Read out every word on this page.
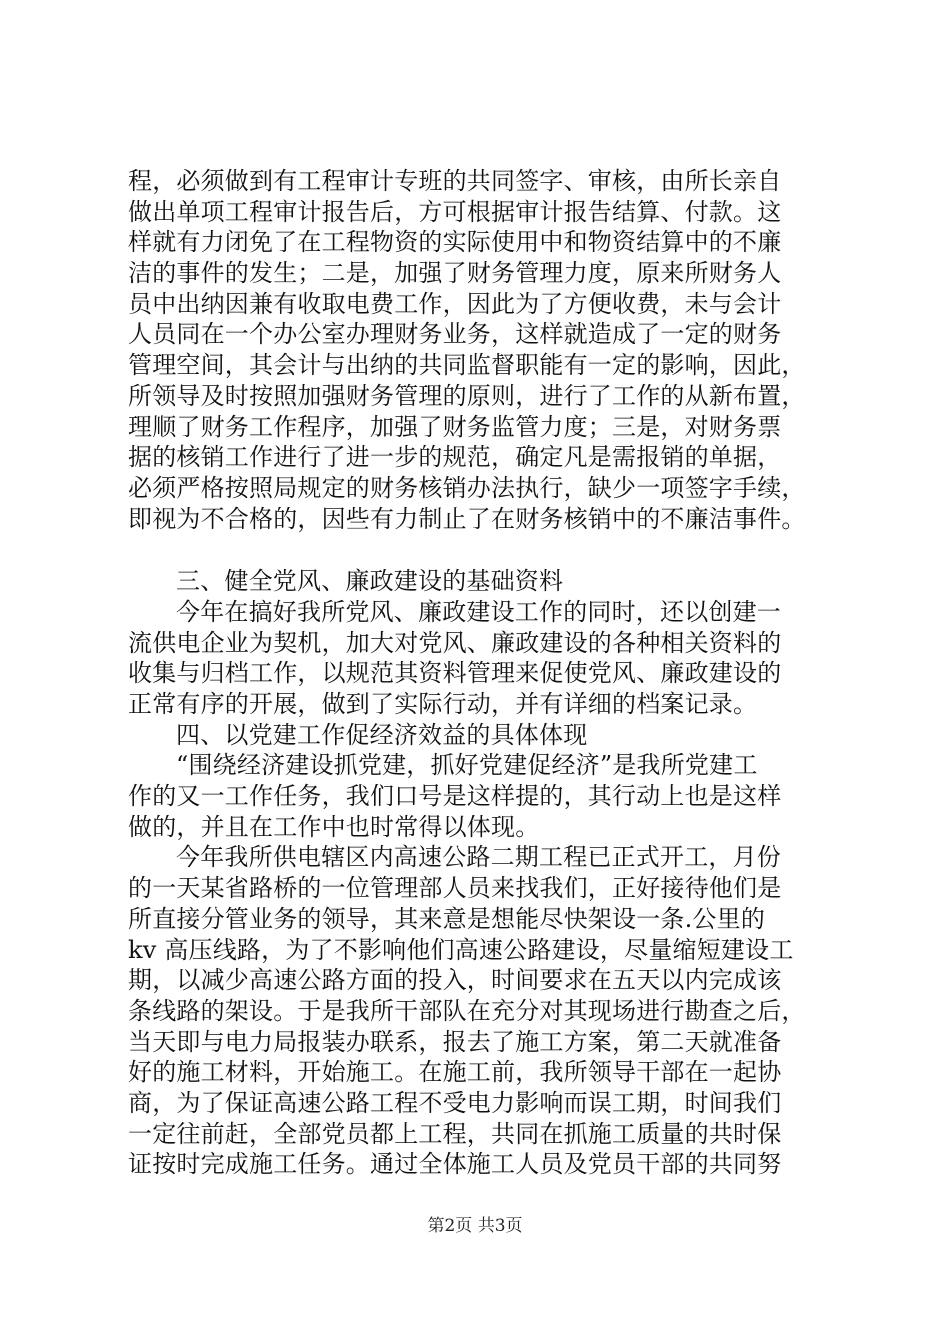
程，必须做到有工程审计专班的共同签字、审核，由所长亲自
做出单项工程审计报告后，方可根据审计报告结算、付款。这
样就有力闭免了在工程物资的实际使用中和物资结算中的不廉
洁的事件的发生；二是，加强了财务管理力度，原来所财务人
员中出纳因兼有收取电费工作，因此为了方便收费，未与会计
人员同在一个办公室办理财务业务，这样就造成了一定的财务
管理空间，其会计与出纳的共同监督职能有一定的影响，因此，
所领导及时按照加强财务管理的原则，进行了工作的从新布置，
理顺了财务工作程序，加强了财务监管力度；三是，对财务票
据的核销工作进行了进一步的规范，确定凡是需报销的单据，
必须严格按照局规定的财务核销办法执行，缺少一项签字手续，
即视为不合格的，因些有力制止了在财务核销中的不廉洁事件。
三、健全党风、廉政建设的基础资料
今年在搞好我所党风、廉政建设工作的同时，还以创建一
流供电企业为契机，加大对党风、廉政建设的各种相关资料的
收集与归档工作，以规范其资料管理来促使党风、廉政建设的
正常有序的开展，做到了实际行动，并有详细的档案记录。
四、以党建工作促经济效益的具体体现
“围绕经济建设抓党建，抓好党建促经济”是我所党建工
作的又一工作任务，我们口号是这样提的，其行动上也是这样
做的，并且在工作中也时常得以体现。
今年我所供电辖区内高速公路二期工程已正式开工，月份
的一天某省路桥的一位管理部人员来找我们，正好接待他们是
所直接分管业务的领导，其来意是想能尽快架设一条.公里的
kv 高压线路，为了不影响他们高速公路建设，尽量缩短建设工
期，以减少高速公路方面的投入，时间要求在五天以内完成该
条线路的架设。于是我所干部队在充分对其现场进行勘查之后，
当天即与电力局报装办联系，报去了施工方案，第二天就准备
好的施工材料，开始施工。在施工前，我所领导干部在一起协
商，为了保证高速公路工程不受电力影响而误工期，时间我们
一定往前赶，全部党员都上工程，共同在抓施工质量的共时保
证按时完成施工任务。通过全体施工人员及党员干部的共同努
第2页 共3页
